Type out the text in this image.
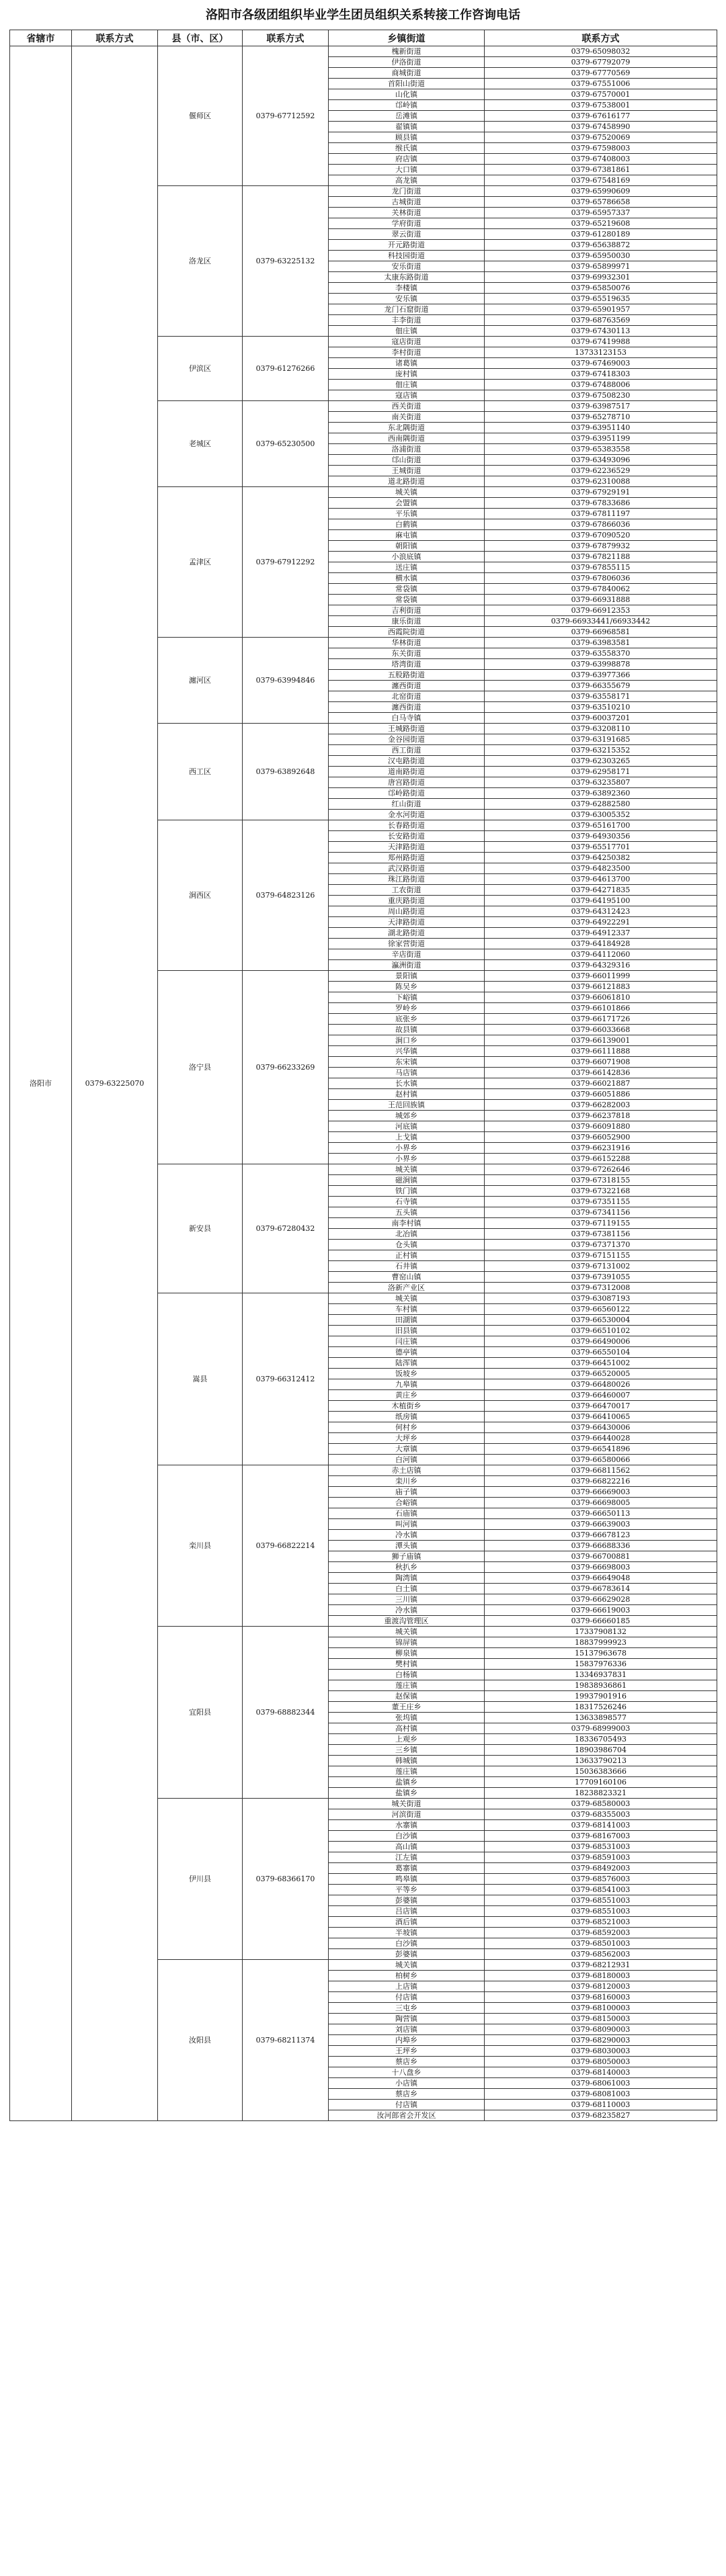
洛阳市各级团组织毕业学生团员组织关系转接工作咨询电话
省辖市	联系方式	县（市、区）	联系方式	乡镇街道	联系方式
洛阳市	0379-63225070	偃师区	0379-67712592	槐新街道	0379-65098032
				伊洛街道	0379-67792079
				商城街道	0379-67770569
				首阳山街道	0379-67551006
				山化镇	0379-67570001
				邙岭镇	0379-67538001
				岳滩镇	0379-67616177
				翟镇镇	0379-67458990
				顾县镇	0379-67520069
				缑氏镇	0379-67598003
				府店镇	0379-67408003
				大口镇	0379-67381861
				高龙镇	0379-67548169
		洛龙区	0379-63225132	龙门街道	0379-65990609
				古城街道	0379-65786658
				关林街道	0379-65957337
				学府街道	0379-65219608
				翠云街道	0379-61280189
				开元路街道	0379-65638872
				科技园街道	0379-65950030
				安乐街道	0379-65899971
				太康东路街道	0379-69932301
				李楼镇	0379-65850076
				安乐镇	0379-65519635
				龙门石窟街道	0379-65901957
				丰李街道	0379-68763569
				佃庄镇	0379-67430113
		伊滨区	0379-61276266	寇店街道	0379-67419988
				李村街道	13733123153
				诸葛镇	0379-67469003
				庞村镇	0379-67418303
				佃庄镇	0379-67488006
				寇店镇	0379-67508230
		老城区	0379-65230500	西关街道	0379-63987517
				南关街道	0379-65278710
				东北隅街道	0379-63951140
				西南隅街道	0379-63951199
				洛浦街道	0379-65383558
				邙山街道	0379-63493096
				王城街道	0379-62236529
				道北路街道	0379-62310088
		孟津区	0379-67912292	城关镇	0379-67929191
				会盟镇	0379-67833686
				平乐镇	0379-67811197
				白鹤镇	0379-67866036
				麻屯镇	0379-67090520
				朝阳镇	0379-67879932
				小浪底镇	0379-67821188
				送庄镇	0379-67855115
				横水镇	0379-67806036
				常袋镇	0379-67840062
				常袋镇	0379-66931888
				吉利街道	0379-66912353
				康乐街道	0379-66933441/66933442
				西霞院街道	0379-66968581
		瀍河区	0379-63994846	华林街道	0379-63983581
				东关街道	0379-63558370
				塔湾街道	0379-63998878
				五股路街道	0379-63977366
				瀍西街道	0379-66355679
				北窑街道	0379-63558171
				瀍西街道	0379-63510210
				白马寺镇	0379-60037201
		西工区	0379-63892648	王城路街道	0379-63208110
				金谷园街道	0379-63191685
				西工街道	0379-63215352
				汉屯路街道	0379-62303265
				道南路街道	0379-62958171
				唐宫路街道	0379-63235807
				邙岭路街道	0379-63892360
				红山街道	0379-62882580
				金水河街道	0379-63005352
		涧西区	0379-64823126	长春路街道	0379-65161700
				长安路街道	0379-64930356
				天津路街道	0379-65517701
				郑州路街道	0379-64250382
				武汉路街道	0379-64823500
				珠江路街道	0379-64613700
				工农街道	0379-64271835
				重庆路街道	0379-64195100
				周山路街道	0379-64312423
				天津路街道	0379-64922291
				湖北路街道	0379-64912337
				徐家营街道	0379-64184928
				辛店街道	0379-64112060
				瀛洲街道	0379-64329316
		洛宁县	0379-66233269	景阳镇	0379-66011999
				陈吴乡	0379-66121883
				下峪镇	0379-66061810
				罗岭乡	0379-66101866
				底张乡	0379-66171726
				故县镇	0379-66033668
				涧口乡	0379-66139001
				兴华镇	0379-66111888
				东宋镇	0379-66071908
				马店镇	0379-66142836
				长水镇	0379-66021887
				赵村镇	0379-66051886
				王范回族镇	0379-66282003
				城郊乡	0379-66237818
				河底镇	0379-66091880
				上戈镇	0379-66052900
				小界乡	0379-66231916
				小界乡	0379-66152288
		新安县	0379-67280432	城关镇	0379-67262646
				磁涧镇	0379-67318155
				铁门镇	0379-67322168
				石寺镇	0379-67351155
				五头镇	0379-67341156
				南李村镇	0379-67119155
				北冶镇	0379-67381156
				仓头镇	0379-67371370
				正村镇	0379-67151155
				石井镇	0379-67131002
				曹窑山镇	0379-67391055
				洛新产业区	0379-67312008
		嵩县	0379-66312412	城关镇	0379-63087193
				车村镇	0379-66560122
				田湖镇	0379-66530004
				旧县镇	0379-66510102
				闫庄镇	0379-66490006
				德亭镇	0379-66550104
				陆浑镇	0379-66451002
				饭坡乡	0379-66520005
				九皋镇	0379-66480026
				黄庄乡	0379-66460007
				木植街乡	0379-66470017
				纸房镇	0379-66410065
				何村乡	0379-66430006
				大坪乡	0379-66440028
				大章镇	0379-66541896
				白河镇	0379-66580066
		栾川县	0379-66822214	赤土店镇	0379-66811562
				栾川乡	0379-66822216
				庙子镇	0379-66669003
				合峪镇	0379-66698005
				石庙镇	0379-66650113
				叫河镇	0379-66639003
				冷水镇	0379-66678123
				潭头镇	0379-66688336
				狮子庙镇	0379-66700881
				秋扒乡	0379-66698003
				陶湾镇	0379-66649048
				白土镇	0379-66783614
				三川镇	0379-66629028
				冷水镇	0379-66619003
				重渡沟管理区	0379-66660185
		宜阳县	0379-68882344	城关镇	17337908132
				锦屏镇	18837999923
				柳泉镇	15137963678
				樊村镇	15837976336
				白杨镇	13346937831
				莲庄镇	19838936861
				赵保镇	19937901916
				董王庄乡	18317526246
				张坞镇	13633898577
				高村镇	0379-68999003
				上观乡	18336705493
				三乡镇	18903986704
				韩城镇	13633790213
				莲庄镇	15036383666
				盐镇乡	17709160106
				盐镇乡	18238823321
		伊川县	0379-68366170	城关街道	0379-68580003
				河滨街道	0379-68355003
				水寨镇	0379-68141003
				白沙镇	0379-68167003
				高山镇	0379-68531003
				江左镇	0379-68591003
				葛寨镇	0379-68492003
				鸣皋镇	0379-68576003
				平等乡	0379-68541003
				彭婆镇	0379-68551003
				吕店镇	0379-68551003
				酒后镇	0379-68521003
				半坡镇	0379-68592003
				白沙镇	0379-68501003
				彭婆镇	0379-68562003
		汝阳县	0379-68211374	城关镇	0379-68212931
				柏树乡	0379-68180003
				上店镇	0379-68120003
				付店镇	0379-68160003
				三屯乡	0379-68100003
				陶营镇	0379-68150003
				刘店镇	0379-68090003
				内埠乡	0379-68290003
				王坪乡	0379-68030003
				蔡店乡	0379-68050003
				十八盘乡	0379-68140003
				小店镇	0379-68061003
				蔡店乡	0379-68081003
				付店镇	0379-68110003
				汝河郎省会开发区	0379-68235827
